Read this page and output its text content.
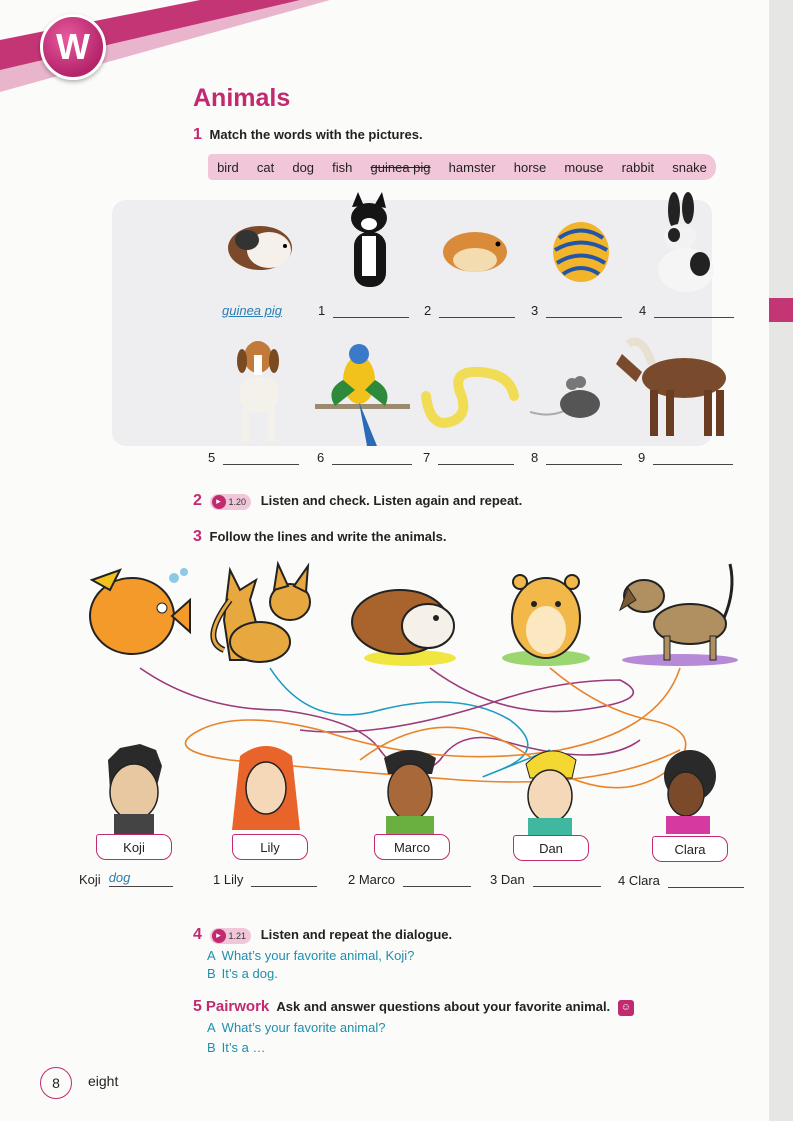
W
Animals
1 Match the words with the pictures.
bird cat dog fish guinea pig hamster horse mouse rabbit snake
guinea pig	1	2	3	4
5	6	7	8	9
2	▸ 1.20 Listen and check. Listen again and repeat.
3 Follow the lines and write the animals.
Koji	Lily	Marco	Dan	Clara
Koji dog	1 Lily	2 Marco	3 Dan	4 Clara
4	▸ 1.21 Listen and repeat the dialogue.
A What’s your favorite animal, Koji?
B It’s a dog.
5 Pairwork Ask and answer questions about your favorite animal. ☺
A What’s your favorite animal?
B It’s a …
8	eight
